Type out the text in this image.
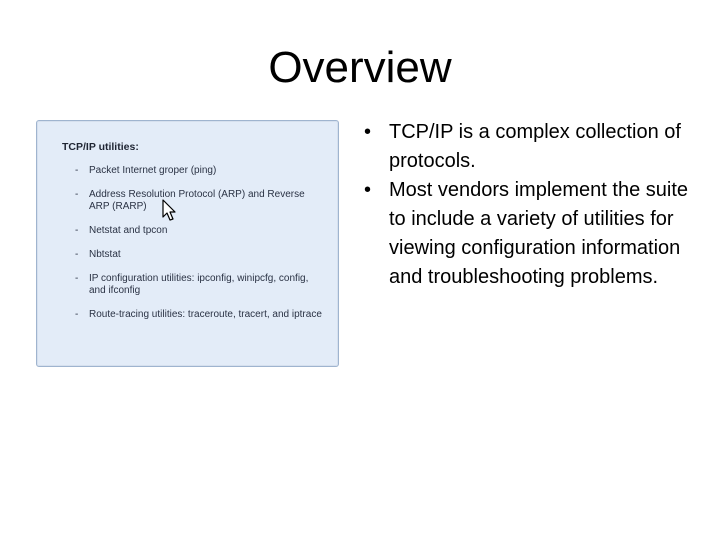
Overview
TCP/IP utilities:
- Packet Internet groper (ping)
- Address Resolution Protocol (ARP) and Reverse ARP (RARP)
- Netstat and tpcon
- Nbtstat
- IP configuration utilities: ipconfig, winipcfg, config, and ifconfig
- Route-tracing utilities: traceroute, tracert, and iptrace
• TCP/IP is a complex collection of protocols.
• Most vendors implement the suite to include a variety of utilities for viewing configuration information and troubleshooting problems.
